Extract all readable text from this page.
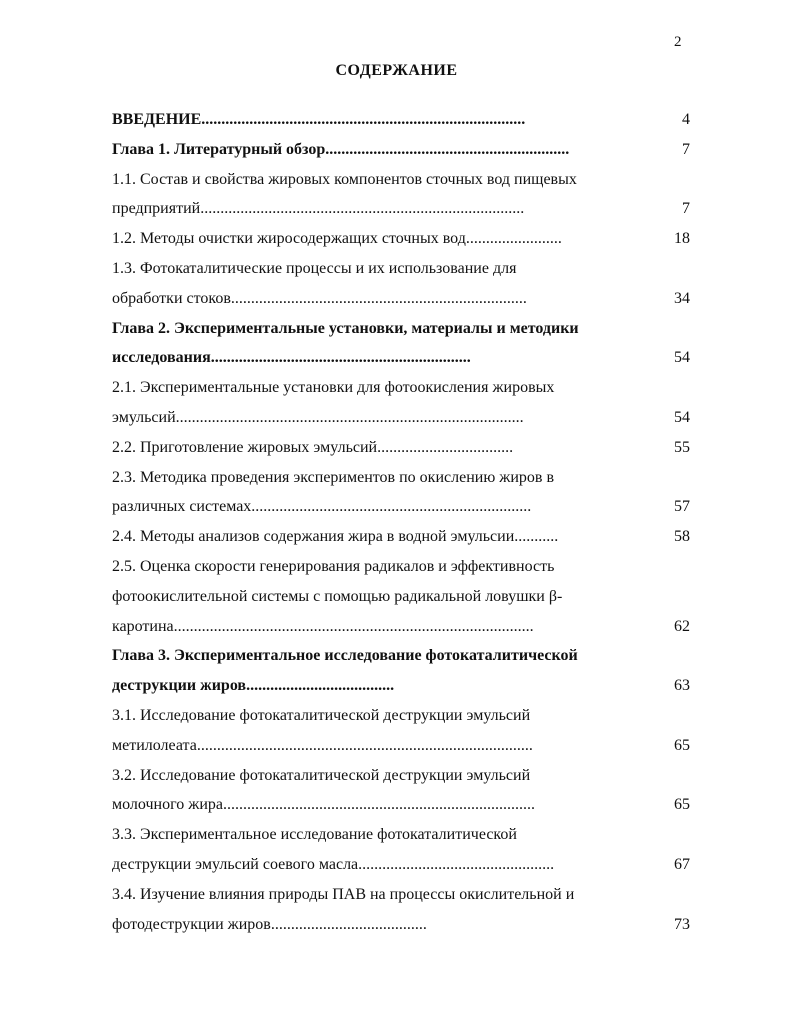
2
СОДЕРЖАНИЕ
ВВЕДЕНИЕ.................................................................................	4
Глава 1. Литературный обзор.............................................................	7
1.1. Состав и свойства жировых компонентов сточных вод пищевых
предприятий.................................................................................	7
1.2. Методы очистки жиросодержащих сточных вод........................	18
1.3. Фотокаталитические процессы и их использование для
обработки стоков..........................................................................	34
Глава 2. Экспериментальные установки, материалы и методики
исследования.................................................................	54
2.1. Экспериментальные установки для фотоокисления жировых
эмульсий.......................................................................................	54
2.2. Приготовление жировых эмульсий..................................	55
2.3. Методика проведения экспериментов по окислению жиров в
различных системах......................................................................	57
2.4. Методы анализов содержания жира в водной эмульсии...........	58
2.5. Оценка скорости генерирования радикалов и эффективность
фотоокислительной системы с помощью радикальной ловушки β-
каротина..........................................................................................	62
Глава 3. Экспериментальное исследование фотокаталитической
деструкции жиров.....................................	63
3.1. Исследование фотокаталитической деструкции эмульсий
метилолеата....................................................................................	65
3.2. Исследование фотокаталитической деструкции эмульсий
молочного жира..............................................................................	65
3.3. Экспериментальное исследование фотокаталитической
деструкции эмульсий соевого масла.................................................	67
3.4. Изучение влияния природы ПАВ на процессы окислительной и
фотодеструкции жиров.......................................	73
